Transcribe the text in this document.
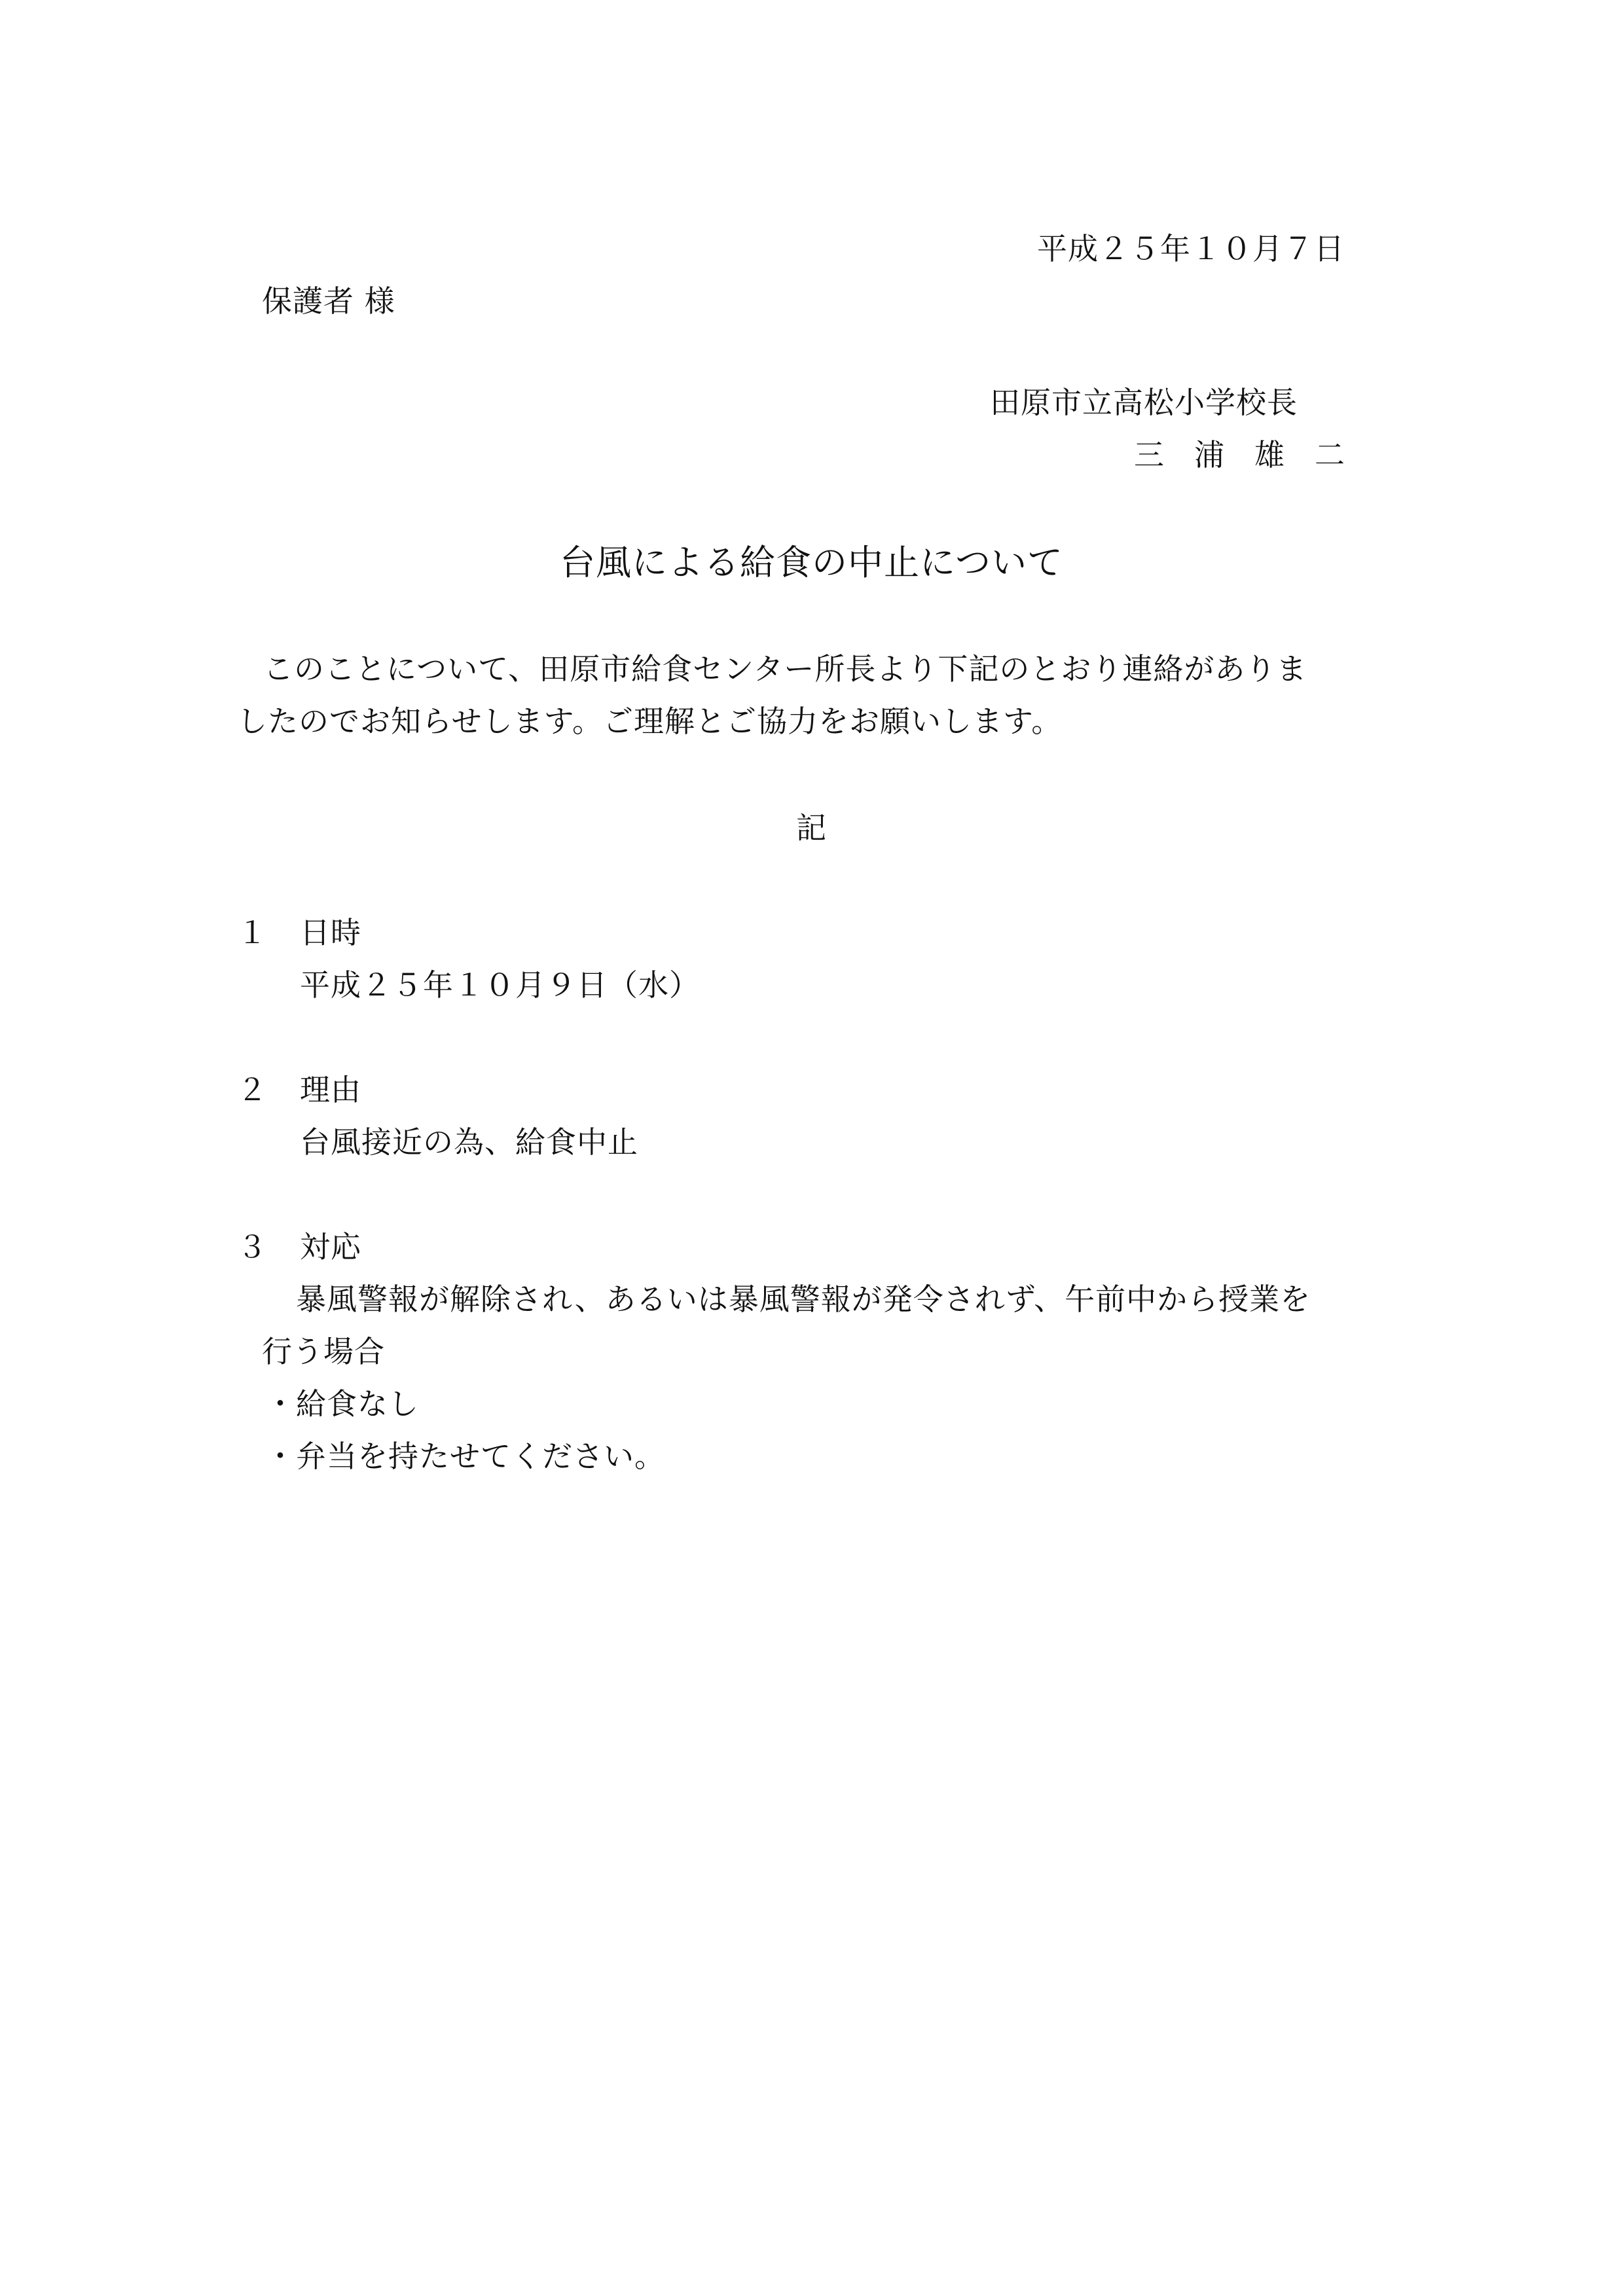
平成２５年１０月７日
保護者 様
田原市立高松小学校長
三　浦　雄　二
台風による給食の中止について
このことについて、田原市給食センター所長より下記のとおり連絡がありま
したのでお知らせします。ご理解とご協力をお願いします。
記
１ 日時
平成２５年１０月９日（水）
２ 理由
台風接近の為、給食中止
３ 対応
暴風警報が解除され、あるいは暴風警報が発令されず、午前中から授業を
行う場合
・給食なし
・弁当を持たせてください。
